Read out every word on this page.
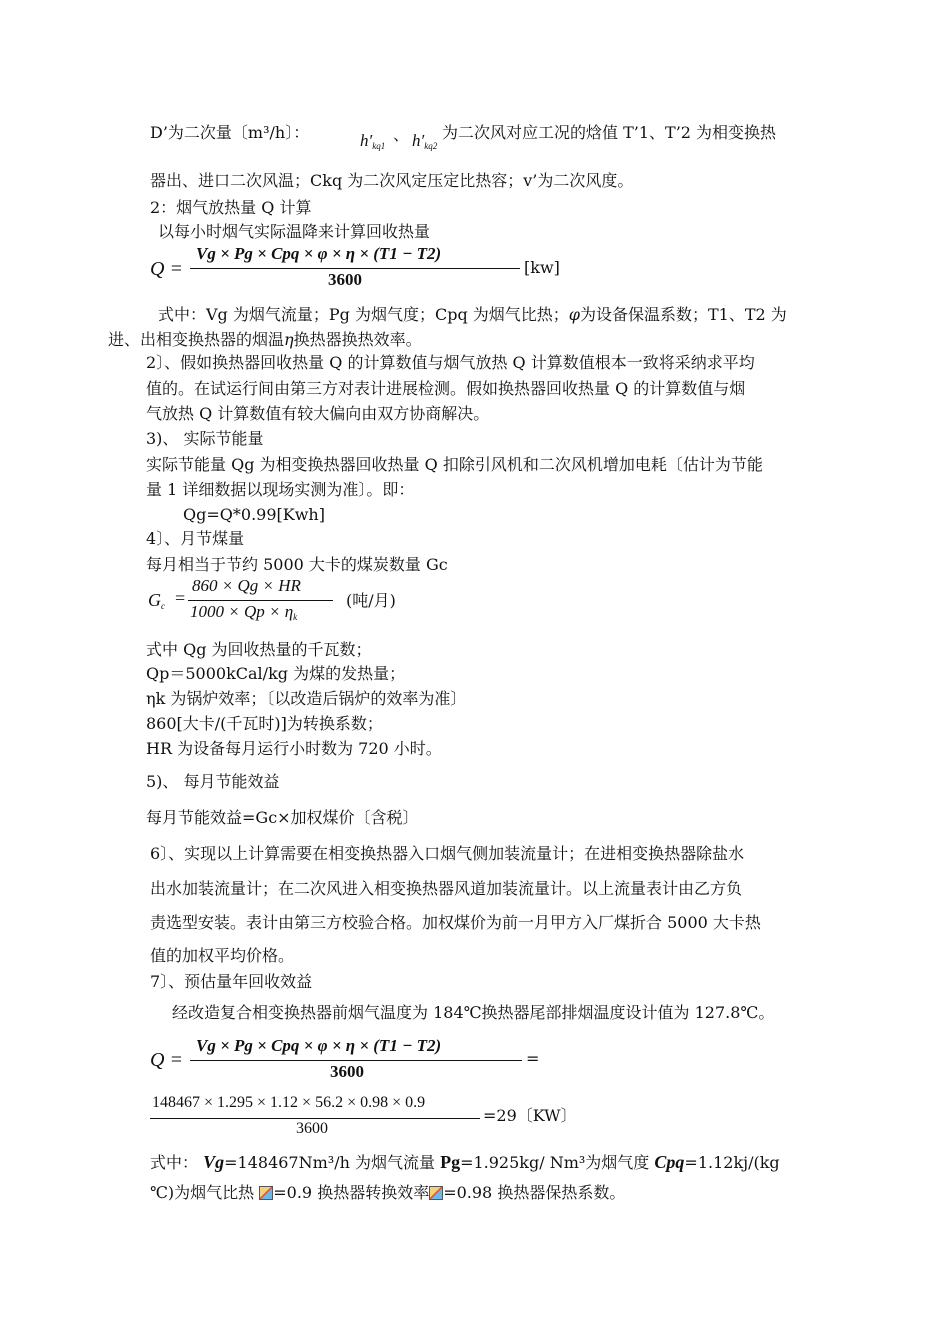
D’为二次量〔m³/h〕：	$h'_{kq1}$
、 $h'_{kq2}$
为二次风对应工况的焓值 T’1、T’2 为相变换热
器出、进口二次风温；Ckq 为二次风定压定比热容；v’为二次风度。
2：烟气放热量 Q 计算
以每小时烟气实际温降来计算回收热量
Q =
Vg × Pg × Cpq × φ × η × (T1 − T2)
3600
[kw]
式中：Vg 为烟气流量；Pg 为烟气度；Cpq 为烟气比热；φ为设备保温系数；T1、T2 为
进、出相变换热器的烟温η换热器换热效率。
2〕、假如换热器回收热量 Q 的计算数值与烟气放热 Q 计算数值根本一致将采纳求平均
值的。在试运行间由第三方对表计进展检测。假如换热器回收热量 Q 的计算数值与烟
气放热 Q 计算数值有较大偏向由双方协商解决。
3)、 实际节能量
实际节能量 Qg 为相变换热器回收热量 Q 扣除引风机和二次风机增加电耗〔估计为节能
量 1 详细数据以现场实测为准〕。即：
Qg=Q*0.99[Kwh]
4〕、月节煤量
每月相当于节约 5000 大卡的煤炭数量 Gc
$G_c$ =
860 × Qg × HR
$1000 \times Qp \times \eta_k$
(吨/月)
式中 Qg 为回收热量的千瓦数；
Qp＝5000kCal/kg 为煤的发热量；
ηk 为锅炉效率；〔以改造后锅炉的效率为准〕
860[大卡/(千瓦时)]为转换系数；
HR 为设备每月运行小时数为 720 小时。
5)、 每月节能效益
每月节能效益=Gc×加权煤价〔含税〕
6〕、实现以上计算需要在相变换热器入口烟气侧加装流量计；在进相变换热器除盐水
出水加装流量计；在二次风进入相变换热器风道加装流量计。以上流量表计由乙方负
责选型安装。表计由第三方校验合格。加权煤价为前一月甲方入厂煤折合 5000 大卡热
值的加权平均价格。
7〕、预估量年回收效益
经改造复合相变换热器前烟气温度为 184℃换热器尾部排烟温度设计值为 127.8℃。
Q =
Vg × Pg × Cpq × φ × η × (T1 − T2)
3600
=
148467 × 1.295 × 1.12 × 56.2 × 0.98 × 0.9
3600
=29〔KW〕
式中： Vg=148467Nm³/h 为烟气流量 Pg=1.925kg/ Nm³为烟气度 Cpq=1.12kj/(kg
℃)为烟气比热 =0.9 换热器转换效率 =0.98 换热器保热系数。
